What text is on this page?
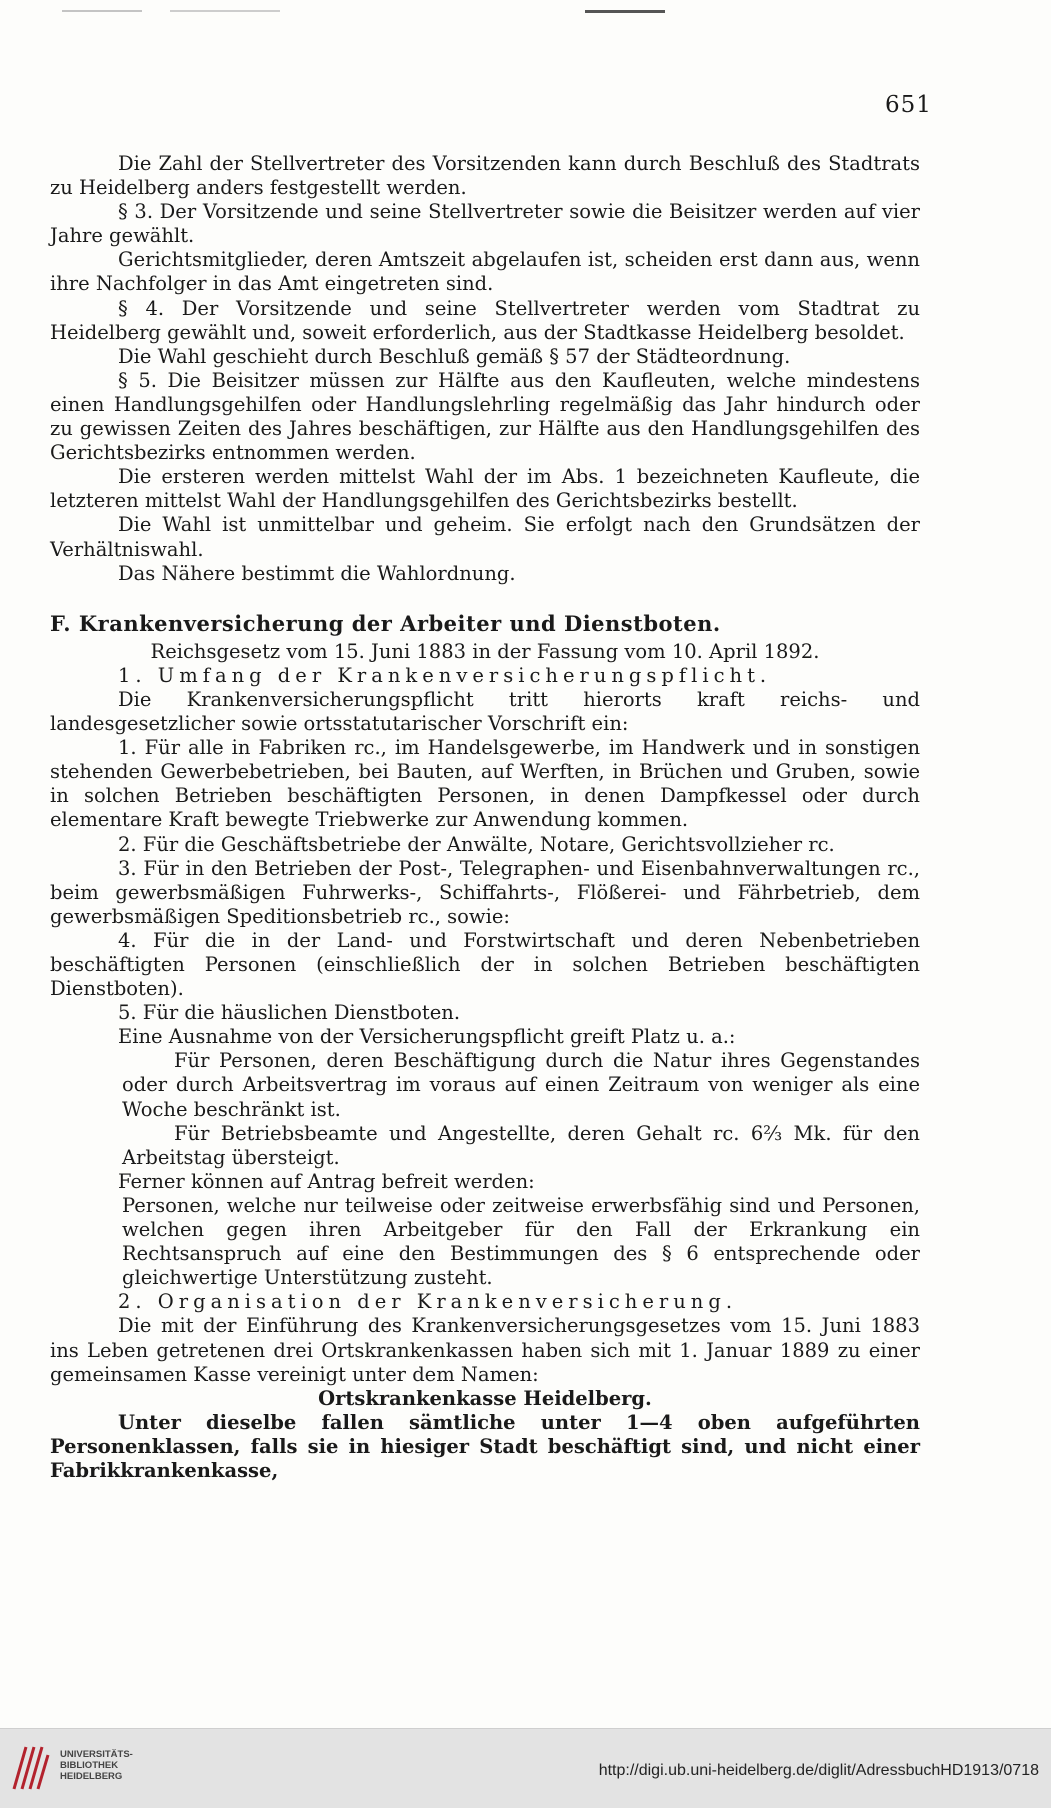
651

Die Zahl der Stellvertreter des Vorsitzenden kann durch Beschluß des Stadtrats zu Heidelberg anders festgestellt werden.

§ 3. Der Vorsitzende und seine Stellvertreter sowie die Beisitzer werden auf vier Jahre gewählt.

Gerichtsmitglieder, deren Amtszeit abgelaufen ist, scheiden erst dann aus, wenn ihre Nachfolger in das Amt eingetreten sind.

§ 4. Der Vorsitzende und seine Stellvertreter werden vom Stadtrat zu Heidelberg gewählt und, soweit erforderlich, aus der Stadtkasse Heidelberg besoldet.

Die Wahl geschieht durch Beschluß gemäß § 57 der Städteordnung.

§ 5. Die Beisitzer müssen zur Hälfte aus den Kaufleuten, welche mindestens einen Handlungsgehilfen oder Handlungslehrling regelmäßig das Jahr hindurch oder zu gewissen Zeiten des Jahres beschäftigen, zur Hälfte aus den Handlungsgehilfen des Gerichtsbezirks entnommen werden.

Die ersteren werden mittelst Wahl der im Abs. 1 bezeichneten Kaufleute, die letzteren mittelst Wahl der Handlungsgehilfen des Gerichtsbezirks bestellt.

Die Wahl ist unmittelbar und geheim. Sie erfolgt nach den Grundsätzen der Verhältniswahl.

Das Nähere bestimmt die Wahlordnung.

F. Krankenversicherung der Arbeiter und Dienstboten.

Reichsgesetz vom 15. Juni 1883 in der Fassung vom 10. April 1892.

1. Umfang der Krankenversicherungspflicht.

Die Krankenversicherungspflicht tritt hierorts kraft reichs- und landesgesetzlicher sowie ortsstatutarischer Vorschrift ein:

1. Für alle in Fabriken rc., im Handelsgewerbe, im Handwerk und in sonstigen stehenden Gewerbebetrieben, bei Bauten, auf Werften, in Brüchen und Gruben, sowie in solchen Betrieben beschäftigten Personen, in denen Dampfkessel oder durch elementare Kraft bewegte Triebwerke zur Anwendung kommen.

2. Für die Geschäftsbetriebe der Anwälte, Notare, Gerichtsvollzieher rc.

3. Für in den Betrieben der Post-, Telegraphen- und Eisenbahnverwaltungen rc., beim gewerbsmäßigen Fuhrwerks-, Schiffahrts-, Flößerei- und Fährbetrieb, dem gewerbsmäßigen Speditionsbetrieb rc., sowie:

4. Für die in der Land- und Forstwirtschaft und deren Nebenbetrieben beschäftigten Personen (einschließlich der in solchen Betrieben beschäftigten Dienstboten).

5. Für die häuslichen Dienstboten.

Eine Ausnahme von der Versicherungspflicht greift Platz u. a.:

Für Personen, deren Beschäftigung durch die Natur ihres Gegenstandes oder durch Arbeitsvertrag im voraus auf einen Zeitraum von weniger als eine Woche beschränkt ist.

Für Betriebsbeamte und Angestellte, deren Gehalt rc. 6⅔ Mk. für den Arbeitstag übersteigt.

Ferner können auf Antrag befreit werden:

Personen, welche nur teilweise oder zeitweise erwerbsfähig sind und Personen, welchen gegen ihren Arbeitgeber für den Fall der Erkrankung ein Rechtsanspruch auf eine den Bestimmungen des § 6 entsprechende oder gleichwertige Unterstützung zusteht.

2. Organisation der Krankenversicherung.

Die mit der Einführung des Krankenversicherungsgesetzes vom 15. Juni 1883 ins Leben getretenen drei Ortskrankenkassen haben sich mit 1. Januar 1889 zu einer gemeinsamen Kasse vereinigt unter dem Namen:

Ortskrankenkasse Heidelberg.

Unter dieselbe fallen sämtliche unter 1—4 oben aufgeführten Personenklassen, falls sie in hiesiger Stadt beschäftigt sind, und nicht einer Fabrikkrankenkasse,

UNIVERSITÄTS-
BIBLIOTHEK
HEIDELBERG	http://digi.ub.uni-heidelberg.de/diglit/AdressbuchHD1913/0718
